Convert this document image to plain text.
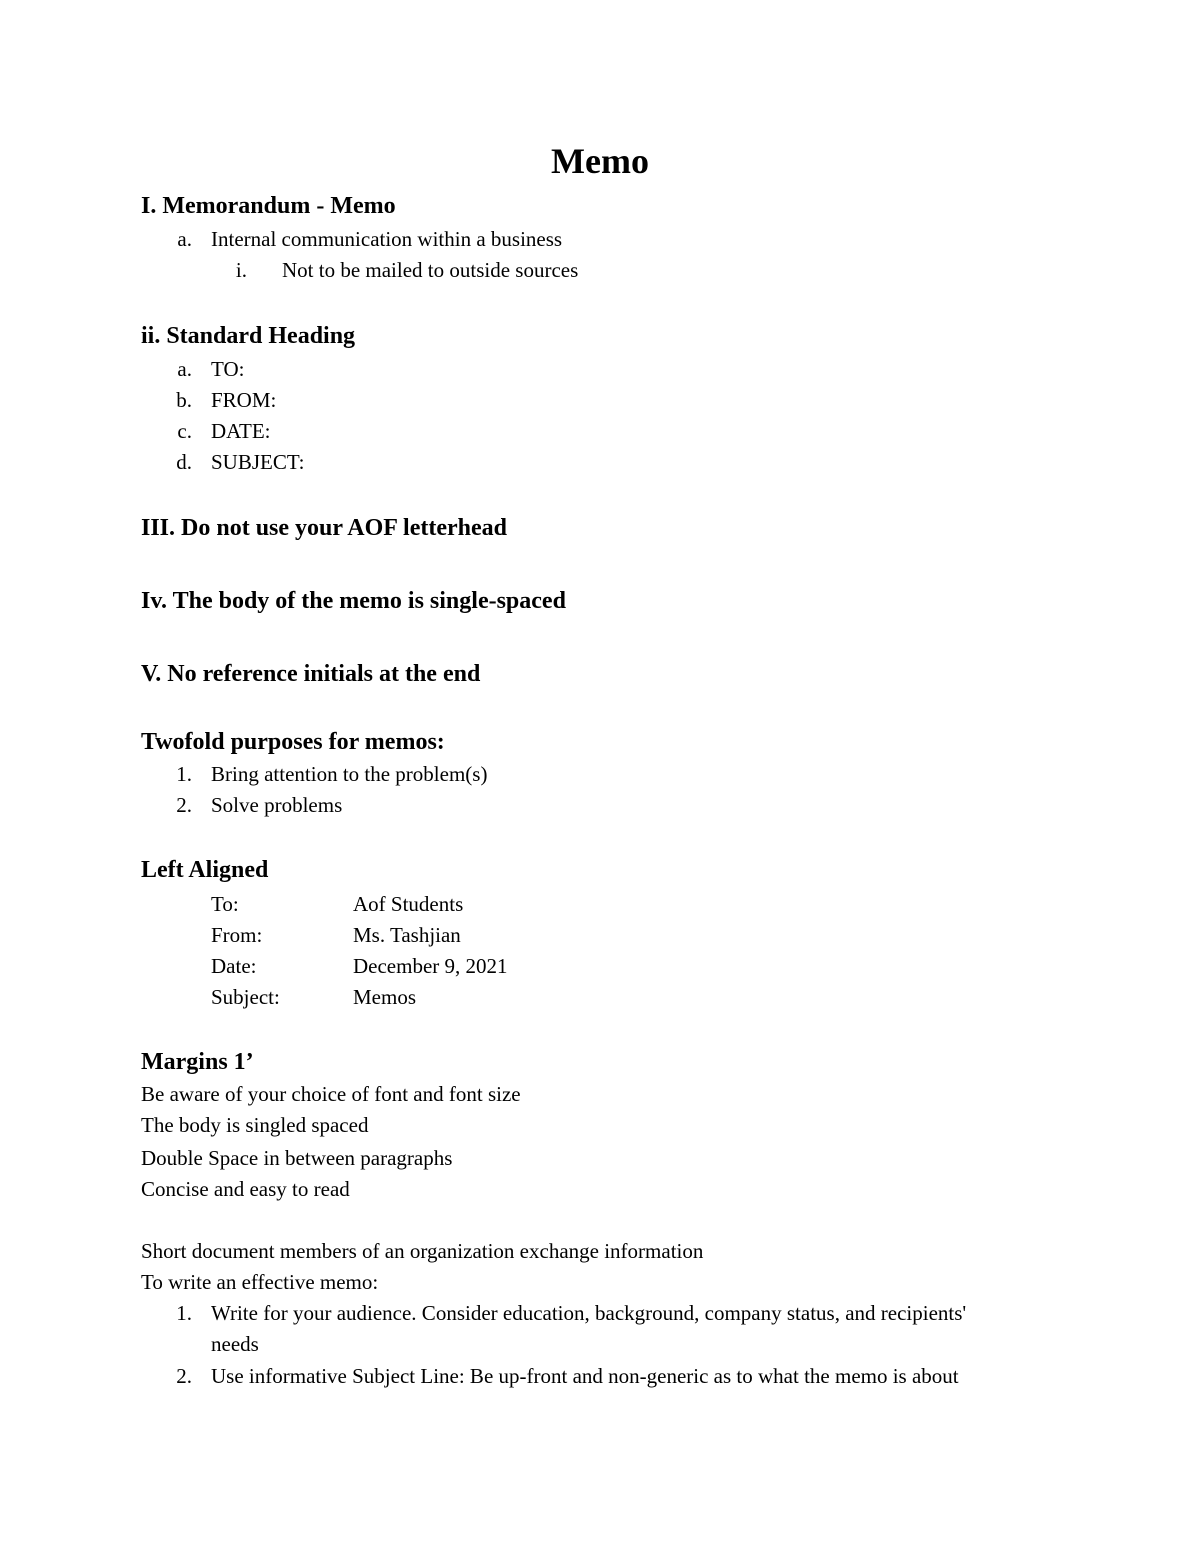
Memo
I. Memorandum - Memo
a. Internal communication within a business
i. Not to be mailed to outside sources
ii. Standard Heading
a. TO:
b. FROM:
c. DATE:
d. SUBJECT:
III. Do not use your AOF letterhead
Iv. The body of the memo is single-spaced
V. No reference initials at the end
Twofold purposes for memos:
1. Bring attention to the problem(s)
2. Solve problems
Left Aligned
To:	Aof Students
From:	Ms. Tashjian
Date:	December 9, 2021
Subject:	Memos
Margins 1’
Be aware of your choice of font and font size
The body is singled spaced
Double Space in between paragraphs
Concise and easy to read
Short document members of an organization exchange information
To write an effective memo:
1. Write for your audience. Consider education, background, company status, and recipients'
needs
2. Use informative Subject Line: Be up-front and non-generic as to what the memo is about
